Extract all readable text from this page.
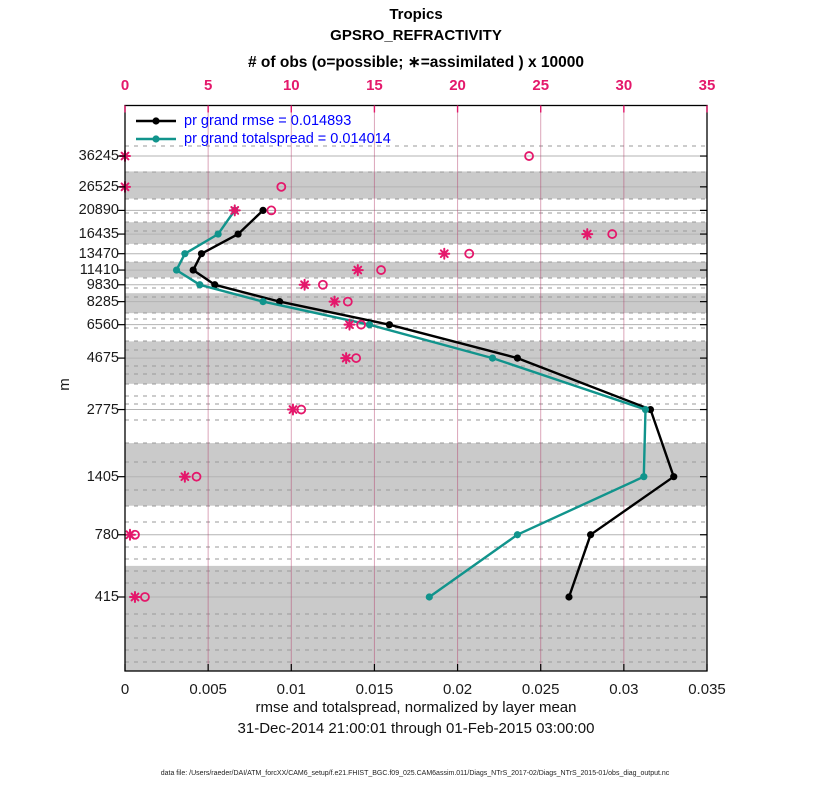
Tropics
GPSRO_REFRACTIVITY
# of obs (o=possible; ∗=assimilated ) x 10000
0	5	10	15	20	25	30	35
0	0.005	0.01	0.015	0.02	0.025	0.03	0.035
36245
26525
20890
16435
13470
11410
9830
8285
6560
4675
2775
1405
780
415
m
pr grand rmse = 0.014893
pr grand totalspread = 0.014014
rmse and totalspread, normalized by layer mean
31-Dec-2014 21:00:01 through 01-Feb-2015 03:00:00
data file: /Users/raeder/DAI/ATM_forcXX/CAM6_setup/f.e21.FHIST_BGC.f09_025.CAM6assim.011/Diags_NTrS_2017-02/Diags_NTrS_2015-01/obs_diag_output.nc
